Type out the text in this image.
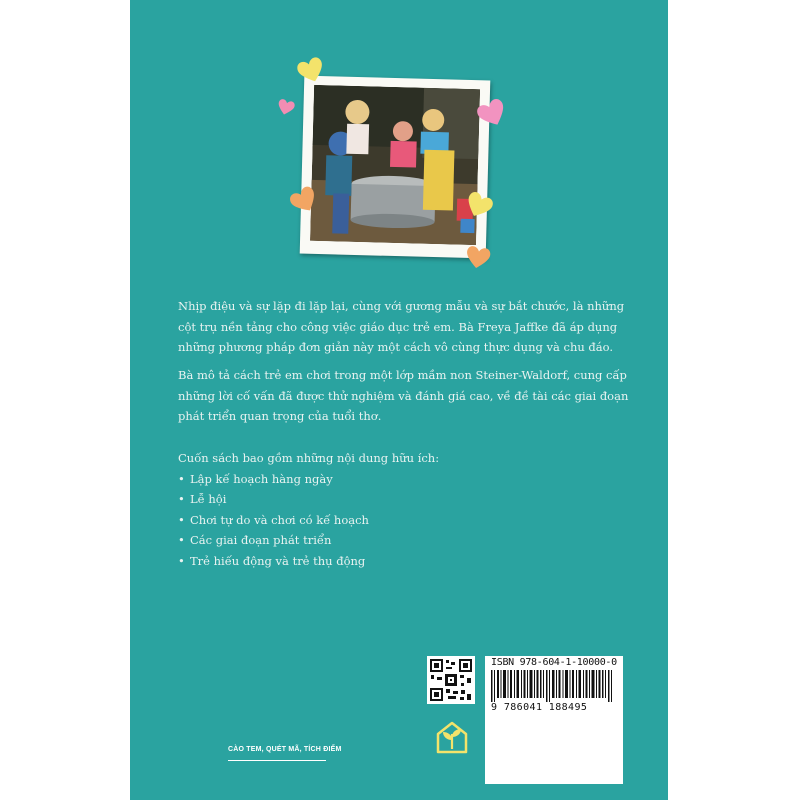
Nhịp điệu và sự lặp đi lặp lại, cùng với gương mẫu và sự bắt chước, là những cột trụ nền tảng cho công việc giáo dục trẻ em. Bà Freya Jaffke đã áp dụng những phương pháp đơn giản này một cách vô cùng thực dụng và chu đáo.

Bà mô tả cách trẻ em chơi trong một lớp mầm non Steiner-Waldorf, cung cấp những lời cố vấn đã được thử nghiệm và đánh giá cao, về đề tài các giai đoạn phát triển quan trọng của tuổi thơ.

Cuốn sách bao gồm những nội dung hữu ích:

• Lập kế hoạch hàng ngày
• Lễ hội
• Chơi tự do và chơi có kế hoạch
• Các giai đoạn phát triển
• Trẻ hiếu động và trẻ thụ động
ISBN 978-604-1-10000-0
9 786041 188495
CÀO TEM, QUÉT MÃ, TÍCH ĐIỂM
